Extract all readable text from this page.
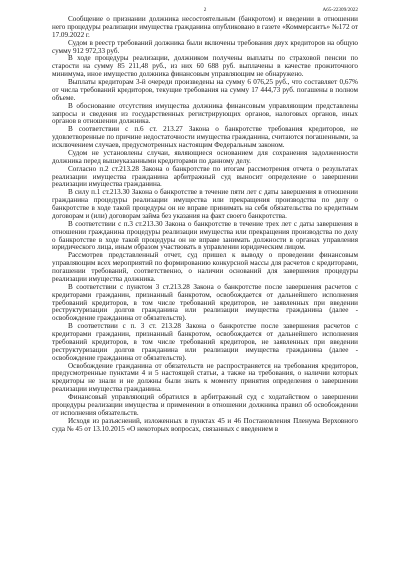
2	А65-22309/2022

Сообщение о признании должника несостоятельным (банкротом) и введении в отношении него процедуры реализации имущества гражданина опубликовано в газете «Коммерсантъ» №172 от 17.09.2022 г.

Судом в реестр требований должника были включены требования двух кредиторов на общую сумму 912 972,33 руб.

В ходе процедуры реализации, должником получены выплаты по страховой пенсии по старости на сумму 85 211,48 руб., из них 60 688 руб. выплачены в качестве прожиточного минимума, иное имущество должника финансовым управляющим не обнаружено.

Выплаты кредиторам 3-й очереди произведены на сумму 6 076,25 руб., что составляет 0,67% от числа требований кредиторов, текущие требования на сумму 17 444,73 руб. погашены в полном объеме.

В обоснование отсутствия имущества должника финансовым управляющим представлены запросы и сведения из государственных регистрирующих органов, налоговых органов, иных органов в отношении должника.

В соответствии с п.6 ст. 213.27 Закона о банкротстве требования кредиторов, не удовлетворенные по причине недостаточности имущества гражданина, считаются погашенными, за исключением случаев, предусмотренных настоящим Федеральным законом.

Судом не установлены случаи, являющиеся основанием для сохранения задолженности должника перед вышеуказанными кредиторами по данному делу.

Согласно п.2 ст.213.28 Закона о банкротстве по итогам рассмотрения отчета о результатах реализации имущества гражданина арбитражный суд выносит определение о завершении реализации имущества гражданина.

В силу п.1 ст.213.30 Закона о банкротстве в течение пяти лет с даты завершения в отношении гражданина процедуры реализации имущества или прекращения производства по делу о банкротстве в ходе такой процедуры он не вправе принимать на себя обязательства по кредитным договорам и (или) договорам займа без указания на факт своего банкротства.

В соответствии с п.3 ст.213.30 Закона о банкротстве в течение трех лет с даты завершения в отношении гражданина процедуры реализации имущества или прекращения производства по делу о банкротстве в ходе такой процедуры он не вправе занимать должности в органах управления юридического лица, иным образом участвовать в управлении юридическим лицом.

Рассмотрев представленный отчет, суд пришел к выводу о проведении финансовым управляющим всех мероприятий по формированию конкурсной массы для расчетов с кредиторами, погашении требований, соответственно, о наличии оснований для завершения процедуры реализации имущества должника.

В соответствии с пунктом 3 ст.213.28 Закона о банкротстве после завершения расчетов с кредиторами гражданин, признанный банкротом, освобождается от дальнейшего исполнения требований кредиторов, в том числе требований кредиторов, не заявленных при введении реструктуризации долгов гражданина или реализации имущества гражданина (далее - освобождение гражданина от обязательств).

В соответствии с п. 3 ст. 213.28 Закона о банкротстве после завершения расчетов с кредиторами гражданин, признанный банкротом, освобождается от дальнейшего исполнения требований кредиторов, в том числе требований кредиторов, не заявленных при введении реструктуризации долгов гражданина или реализации имущества гражданина (далее - освобождение гражданина от обязательств).

Освобождение гражданина от обязательств не распространяется на требования кредиторов, предусмотренные пунктами 4 и 5 настоящей статьи, а также на требования, о наличии которых кредиторы не знали и не должны были знать к моменту принятия определения о завершении реализации имущества гражданина.

Финансовый управляющий обратился в арбитражный суд с ходатайством о завершении процедуры реализации имущества и применении в отношении должника правил об освобождении от исполнения обязательств.

Исходя из разъяснений, изложенных в пунктах 45 и 46 Постановления Пленума Верховного суда № 45 от 13.10.2015 «О некоторых вопросах, связанных с введением в
